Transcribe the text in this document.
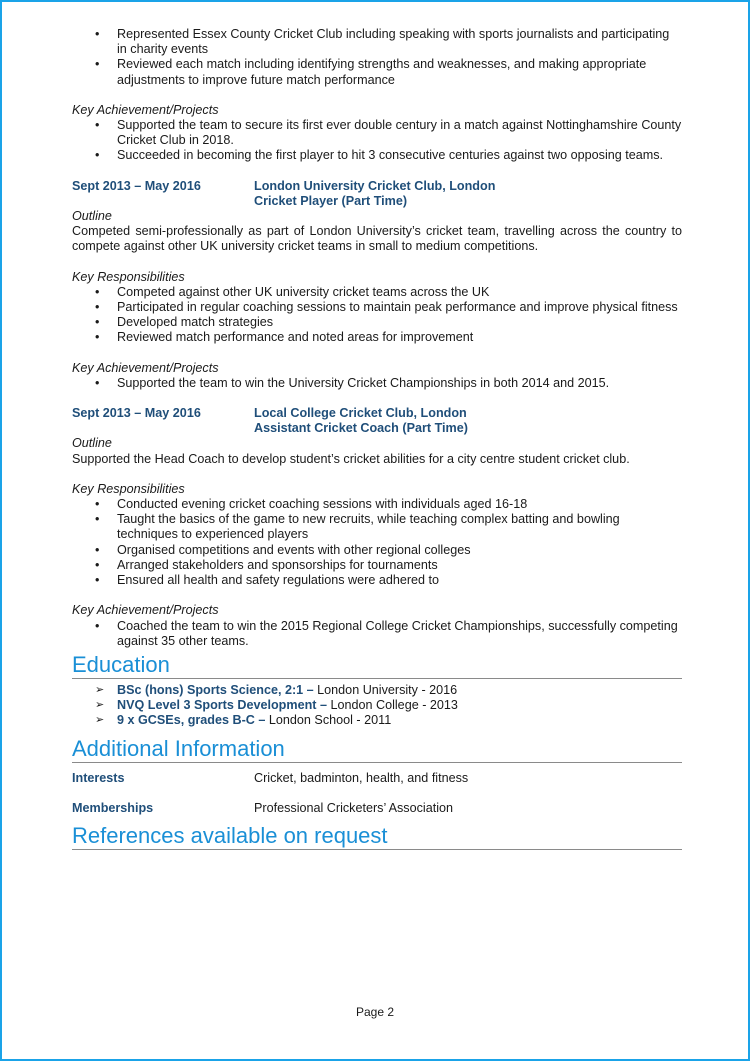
• Represented Essex County Cricket Club including speaking with sports journalists and participating in charity events
• Reviewed each match including identifying strengths and weaknesses, and making appropriate adjustments to improve future match performance
Key Achievement/Projects
• Supported the team to secure its first ever double century in a match against Nottinghamshire County Cricket Club in 2018.
• Succeeded in becoming the first player to hit 3 consecutive centuries against two opposing teams.
Sept 2013 – May 2016	London University Cricket Club, London
Cricket Player (Part Time)
Outline
Competed semi-professionally as part of London University’s cricket team, travelling across the country to compete against other UK university cricket teams in small to medium competitions.
Key Responsibilities
• Competed against other UK university cricket teams across the UK
• Participated in regular coaching sessions to maintain peak performance and improve physical fitness
• Developed match strategies
• Reviewed match performance and noted areas for improvement
Key Achievement/Projects
• Supported the team to win the University Cricket Championships in both 2014 and 2015.
Sept 2013 – May 2016	Local College Cricket Club, London
Assistant Cricket Coach (Part Time)
Outline
Supported the Head Coach to develop student’s cricket abilities for a city centre student cricket club.
Key Responsibilities
• Conducted evening cricket coaching sessions with individuals aged 16-18
• Taught the basics of the game to new recruits, while teaching complex batting and bowling techniques to experienced players
• Organised competitions and events with other regional colleges
• Arranged stakeholders and sponsorships for tournaments
• Ensured all health and safety regulations were adhered to
Key Achievement/Projects
• Coached the team to win the 2015 Regional College Cricket Championships, successfully competing against 35 other teams.
Education
➢ BSc (hons) Sports Science, 2:1 – London University - 2016
➢ NVQ Level 3 Sports Development – London College - 2013
➢ 9 x GCSEs, grades B-C – London School - 2011
Additional Information
Interests	Cricket, badminton, health, and fitness
Memberships	Professional Cricketers’ Association
References available on request
Page 2
